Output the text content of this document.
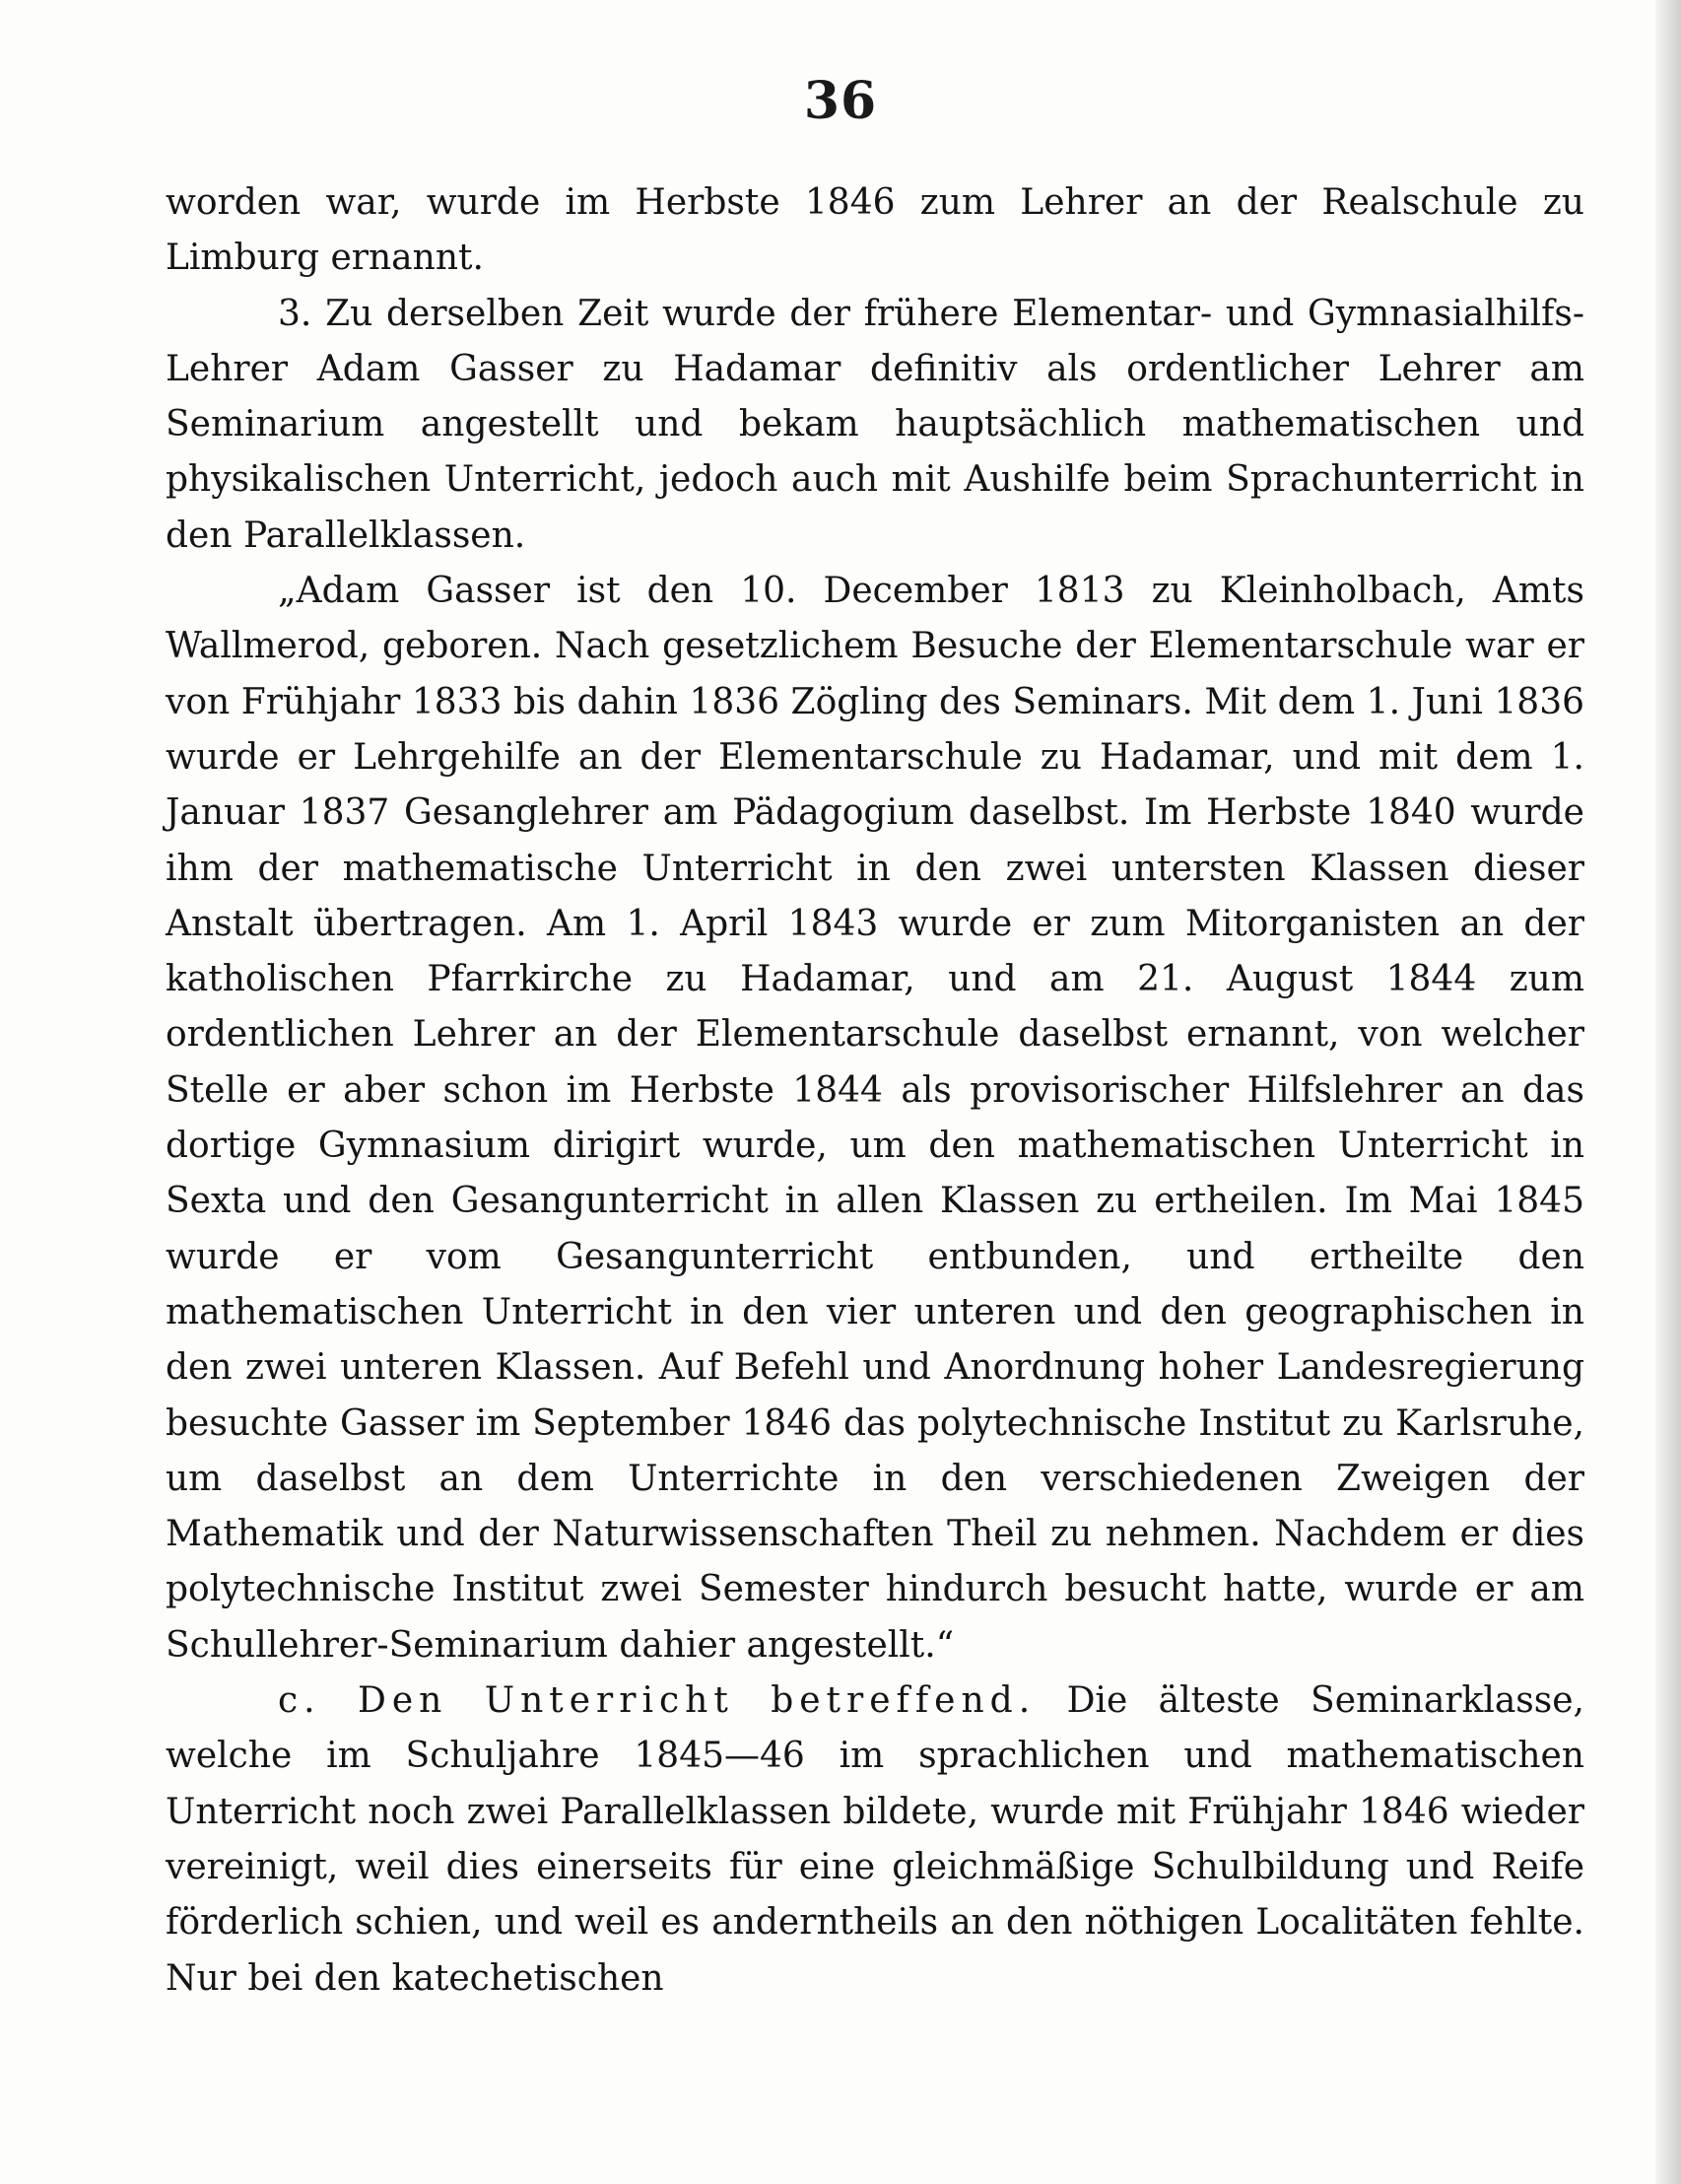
36

worden war, wurde im Herbste 1846 zum Lehrer an der Realschule zu Limburg ernannt.

3. Zu derselben Zeit wurde der frühere Elementar- und Gymnasialhilfs-Lehrer Adam Gasser zu Hadamar definitiv als ordentlicher Lehrer am Seminarium angestellt und bekam hauptsächlich mathematischen und physikalischen Unterricht, jedoch auch mit Aushilfe beim Sprachunterricht in den Parallelklassen.

„Adam Gasser ist den 10. December 1813 zu Kleinholbach, Amts Wallmerod, geboren. Nach gesetzlichem Besuche der Elementarschule war er von Frühjahr 1833 bis dahin 1836 Zögling des Seminars. Mit dem 1. Juni 1836 wurde er Lehrgehilfe an der Elementarschule zu Hadamar, und mit dem 1. Januar 1837 Gesanglehrer am Pädagogium daselbst. Im Herbste 1840 wurde ihm der mathematische Unterricht in den zwei untersten Klassen dieser Anstalt übertragen. Am 1. April 1843 wurde er zum Mitorganisten an der katholischen Pfarrkirche zu Hadamar, und am 21. August 1844 zum ordentlichen Lehrer an der Elementarschule daselbst ernannt, von welcher Stelle er aber schon im Herbste 1844 als provisorischer Hilfslehrer an das dortige Gymnasium dirigirt wurde, um den mathematischen Unterricht in Sexta und den Gesangunterricht in allen Klassen zu ertheilen. Im Mai 1845 wurde er vom Gesangunterricht entbunden, und ertheilte den mathematischen Unterricht in den vier unteren und den geographischen in den zwei unteren Klassen. Auf Befehl und Anordnung hoher Landesregierung besuchte Gasser im September 1846 das polytechnische Institut zu Karlsruhe, um daselbst an dem Unterrichte in den verschiedenen Zweigen der Mathematik und der Naturwissenschaften Theil zu nehmen. Nachdem er dies polytechnische Institut zwei Semester hindurch besucht hatte, wurde er am Schullehrer-Seminarium dahier angestellt.“

c. Den Unterricht betreffend. Die älteste Seminarklasse, welche im Schuljahre 1845—46 im sprachlichen und mathematischen Unterricht noch zwei Parallelklassen bildete, wurde mit Frühjahr 1846 wieder vereinigt, weil dies einerseits für eine gleichmäßige Schulbildung und Reife förderlich schien, und weil es anderntheils an den nöthigen Localitäten fehlte. Nur bei den katechetischen
